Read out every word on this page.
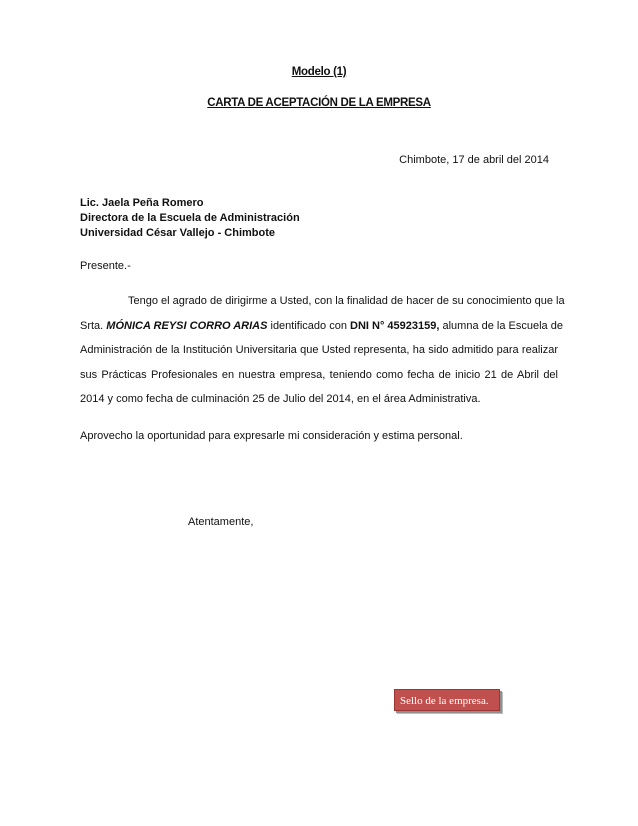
Modelo (1)
CARTA DE ACEPTACIÓN DE LA EMPRESA
Chimbote, 17 de abril del 2014
Lic. Jaela Peña Romero
Directora de la Escuela de Administración
Universidad César Vallejo - Chimbote
Presente.-
Tengo el agrado de dirigirme a Usted, con la finalidad de hacer de su conocimiento que la
Srta. MÓNICA REYSI CORRO ARIAS identificado con DNI N° 45923159, alumna de la Escuela de
Administración de la Institución Universitaria que Usted representa, ha sido admitido para realizar
sus Prácticas Profesionales en nuestra empresa, teniendo como fecha de inicio 21 de Abril del
2014 y como fecha de culminación 25 de Julio del 2014, en el área Administrativa.
Aprovecho la oportunidad para expresarle mi consideración y estima personal.
Atentamente,
Sello de la empresa.
